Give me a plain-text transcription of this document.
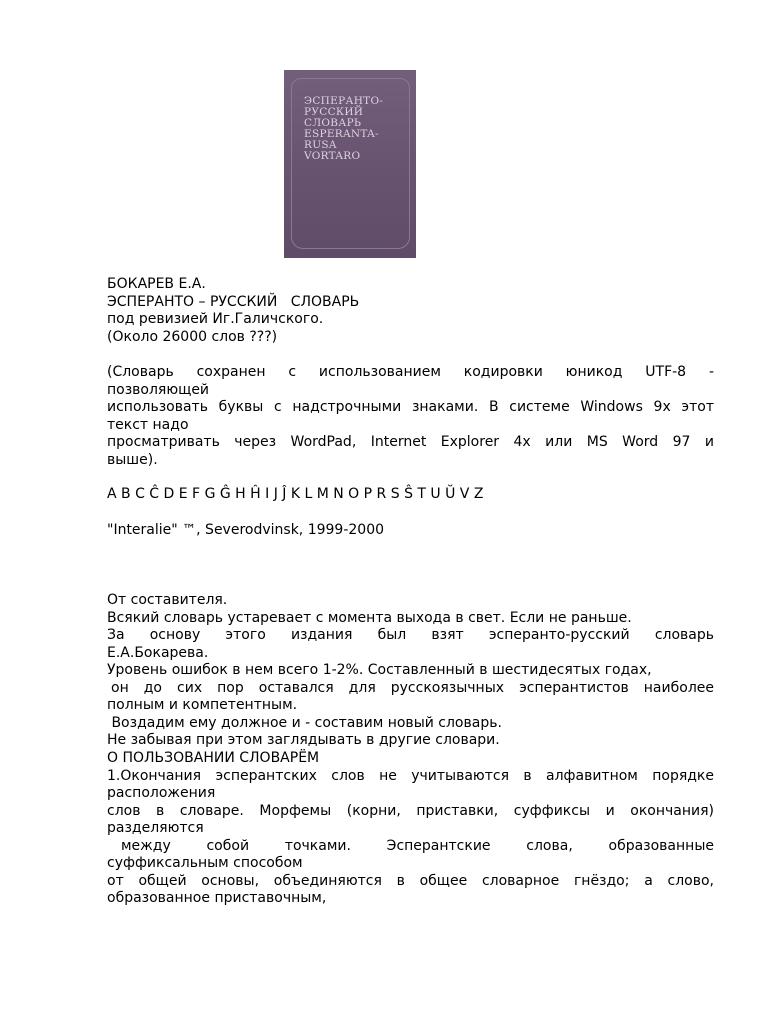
ЭСПЕРАНТО-
РУССКИЙ
СЛОВАРЬ
ESPERANTA-
RUSA
VORTARO
БОКАРЕВ Е.А.
ЭСПЕРАНТО – РУССКИЙ   СЛОВАРЬ
под ревизией Иг.Галичского.
(Около 26000 слов ???)
(Словарь сохранен с использованием кодировки юникод UTF-8 -
позволяющей
использовать буквы с надстрочными знаками. В системе Windows 9x этот
текст надо
просматривать через WordPad, Internet Explorer 4x или MS Word 97 и
выше).
A B C Ĉ D E F G Ĝ H Ĥ I J Ĵ K L M N O P R S Ŝ T U Ŭ V Z
"Interalie" ™, Severodvinsk, 1999-2000
От составителя.
Всякий словарь устаревает с момента выхода в свет. Если не раньше.
За основу этого издания был взят эсперанто-русский словарь
Е.А.Бокарева.
Уровень ошибок в нем всего 1-2%. Составленный в шестидесятых годах,
он до сих пор оставался для русскоязычных эсперантистов наиболее
полным и компетентным.
Воздадим ему должное и - составим новый словарь.
Не забывая при этом заглядывать в другие словари.
О ПОЛЬЗОВАНИИ СЛОВАРЁМ
1.Окончания эсперантских слов не учитываются в алфавитном порядке
расположения
слов в словаре. Морфемы (корни, приставки, суффиксы и окончания)
разделяются
между собой точками. Эсперантские слова, образованные
суффиксальным способом
от общей основы, объединяются в общее словарное гнёздо; а слово,
образованное приставочным,
